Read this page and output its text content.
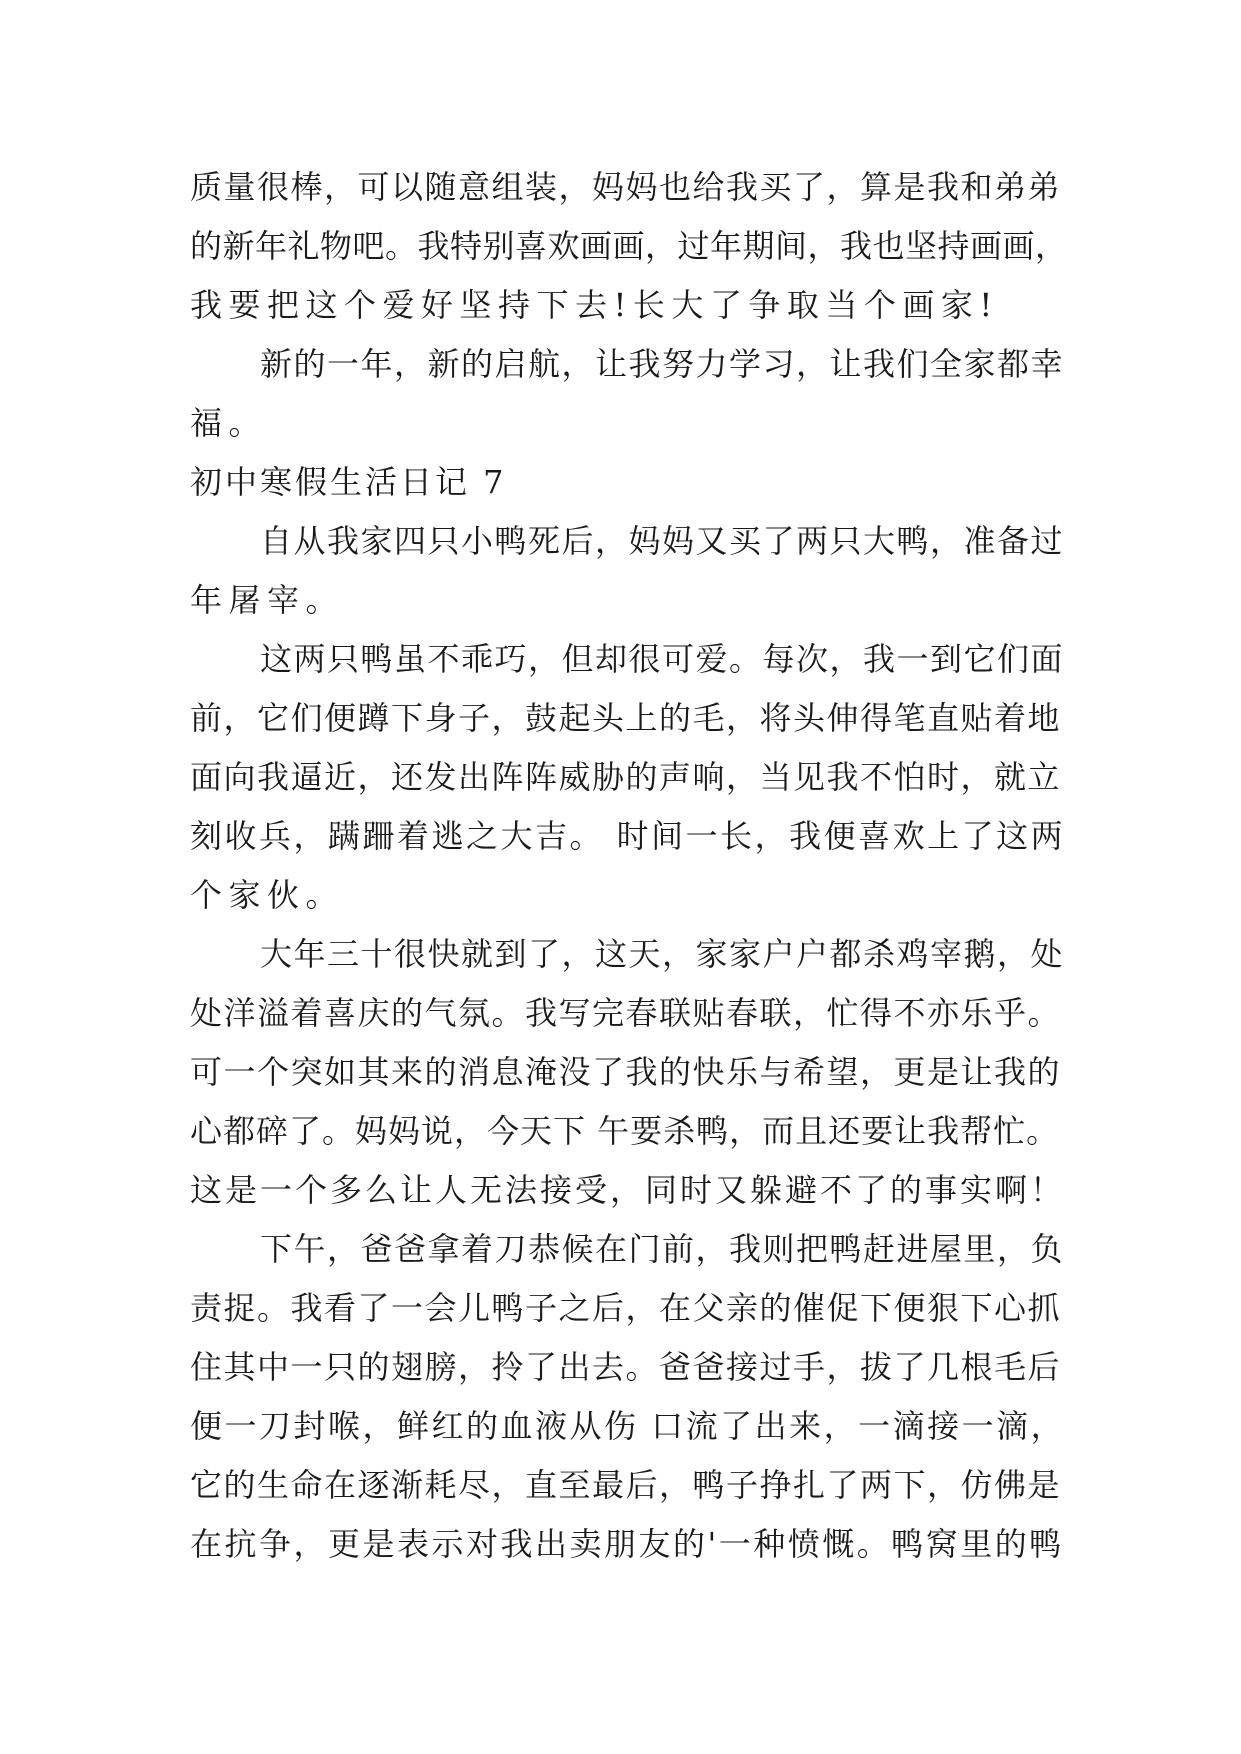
质量很棒，可以随意组装，妈妈也给我买了，算是我和弟弟
的新年礼物吧。我特别喜欢画画，过年期间，我也坚持画画，
我要把这个爱好坚持下去!长大了争取当个画家!
新的一年，新的启航，让我努力学习，让我们全家都幸
福。
初中寒假生活日记 7
自从我家四只小鸭死后，妈妈又买了两只大鸭，准备过
年屠宰。
这两只鸭虽不乖巧，但却很可爱。每次，我一到它们面
前，它们便蹲下身子，鼓起头上的毛，将头伸得笔直贴着地
面向我逼近，还发出阵阵威胁的声响，当见我不怕时，就立
刻收兵，蹒跚着逃之大吉。 时间一长，我便喜欢上了这两
个家伙。
大年三十很快就到了，这天，家家户户都杀鸡宰鹅，处
处洋溢着喜庆的气氛。我写完春联贴春联，忙得不亦乐乎。
可一个突如其来的消息淹没了我的快乐与希望，更是让我的
心都碎了。妈妈说，今天下 午要杀鸭，而且还要让我帮忙。
这是一个多么让人无法接受，同时又躲避不了的事实啊！
下午，爸爸拿着刀恭候在门前，我则把鸭赶进屋里，负
责捉。我看了一会儿鸭子之后，在父亲的催促下便狠下心抓
住其中一只的翅膀，拎了出去。爸爸接过手，拔了几根毛后
便一刀封喉，鲜红的血液从伤 口流了出来，一滴接一滴，
它的生命在逐渐耗尽，直至最后，鸭子挣扎了两下，仿佛是
在抗争，更是表示对我出卖朋友的'一种愤慨。鸭窝里的鸭
